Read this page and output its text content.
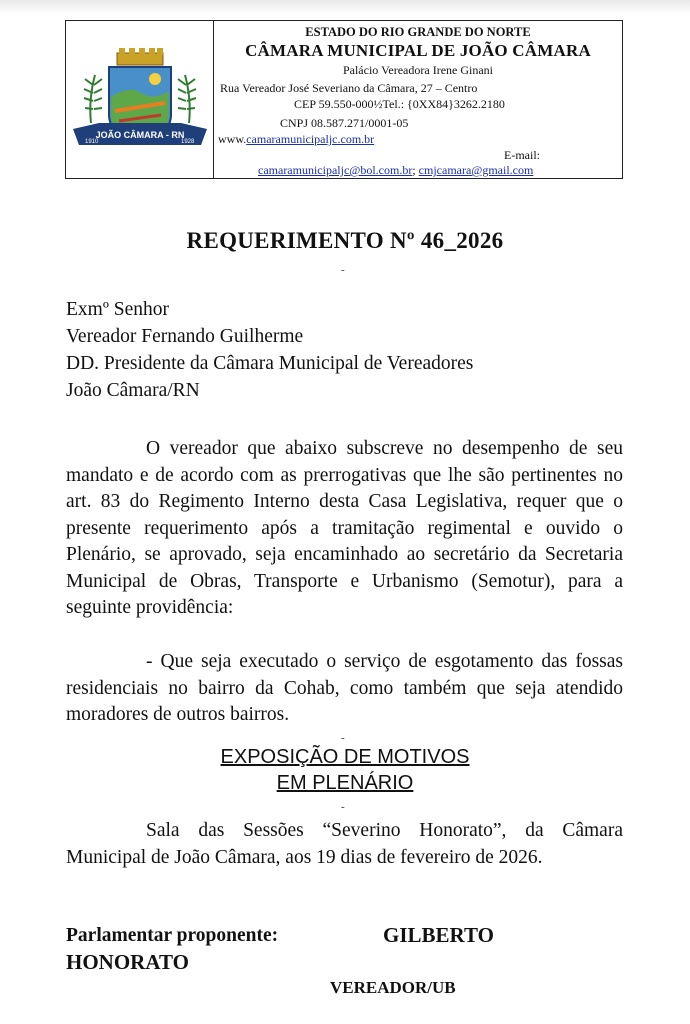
JOÃO CÂMARA - RN
1910	1928
ESTADO DO RIO GRANDE DO NORTE
CÂMARA MUNICIPAL DE JOÃO CÂMARA
Palácio Vereadora Irene Ginani
Rua Vereador José Severiano da Câmara, 27 – Centro
CEP 59.550-000½Tel.: {0XX84}3262.2180
CNPJ 08.587.271/0001-05
www.camaramunicipaljc.com.br
E-mail:
camaramunicipaljc@bol.com.br; cmjcamara@gmail.com
REQUERIMENTO Nº 46_2026
-
Exmº Senhor
Vereador Fernando Guilherme
DD. Presidente da Câmara Municipal de Vereadores
João Câmara/RN
O vereador que abaixo subscreve no desempenho de seu mandato e de acordo com as prerrogativas que lhe são pertinentes no art. 83 do Regimento Interno desta Casa Legislativa, requer que o presente requerimento após a tramitação regimental e ouvido o Plenário, se aprovado, seja encaminhado ao secretário da Secretaria Municipal de Obras, Transporte e Urbanismo (Semotur), para a seguinte providência:
- Que seja executado o serviço de esgotamento das fossas residenciais no bairro da Cohab, como também que seja atendido moradores de outros bairros.
-
EXPOSIÇÃO DE MOTIVOS
EM PLENÁRIO
-
Sala das Sessões “Severino Honorato”, da Câmara Municipal de João Câmara, aos 19 dias de fevereiro de 2026.
Parlamentar proponente:	GILBERTO
HONORATO
VEREADOR/UB
